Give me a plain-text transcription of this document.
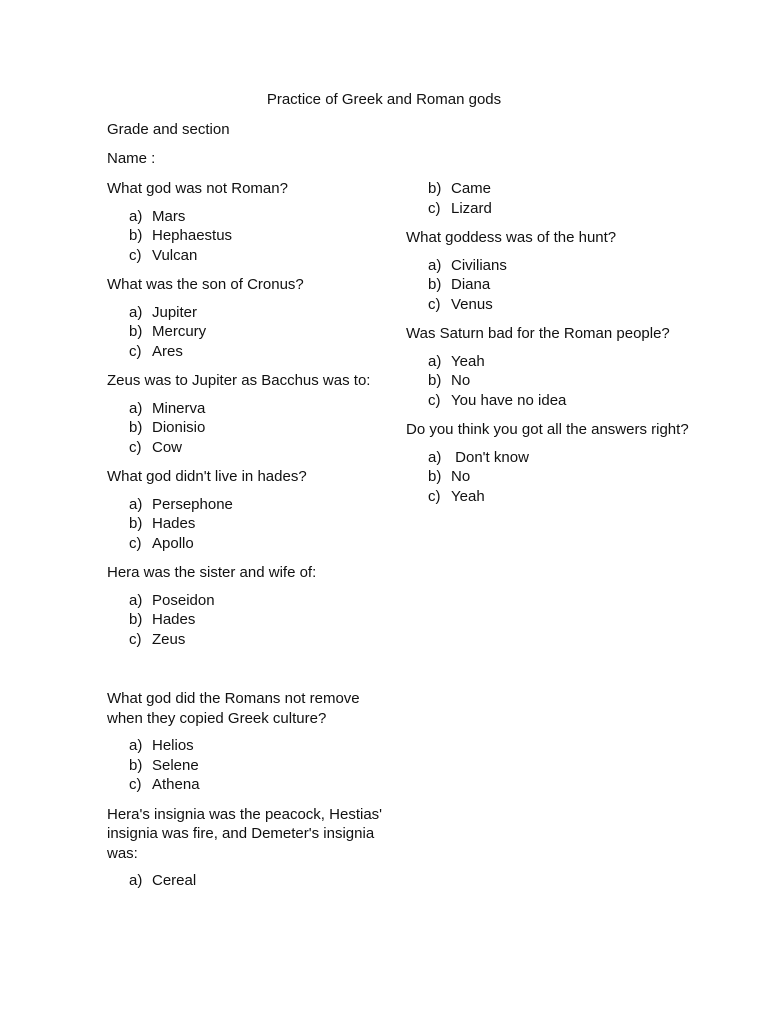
Practice of Greek and Roman gods
Grade and section
Name :

What god was not Roman?

a) Mars
b) Hephaestus
c) Vulcan

What was the son of Cronus?

a) Jupiter
b) Mercury
c) Ares

Zeus was to Jupiter as Bacchus was to:

a) Minerva
b) Dionisio
c) Cow

What god didn't live in hades?

a) Persephone
b) Hades
c) Apollo

Hera was the sister and wife of:

a) Poseidon
b) Hades
c) Zeus

What god did the Romans not remove when they copied Greek culture?

a) Helios
b) Selene
c) Athena

Hera's insignia was the peacock, Hestias' insignia was fire, and Demeter's insignia was:

a) Cereal
b) Came
c) Lizard

What goddess was of the hunt?

a) Civilians
b) Diana
c) Venus

Was Saturn bad for the Roman people?

a) Yeah
b) No
c) You have no idea

Do you think you got all the answers right?

a) Don't know
b) No
c) Yeah
